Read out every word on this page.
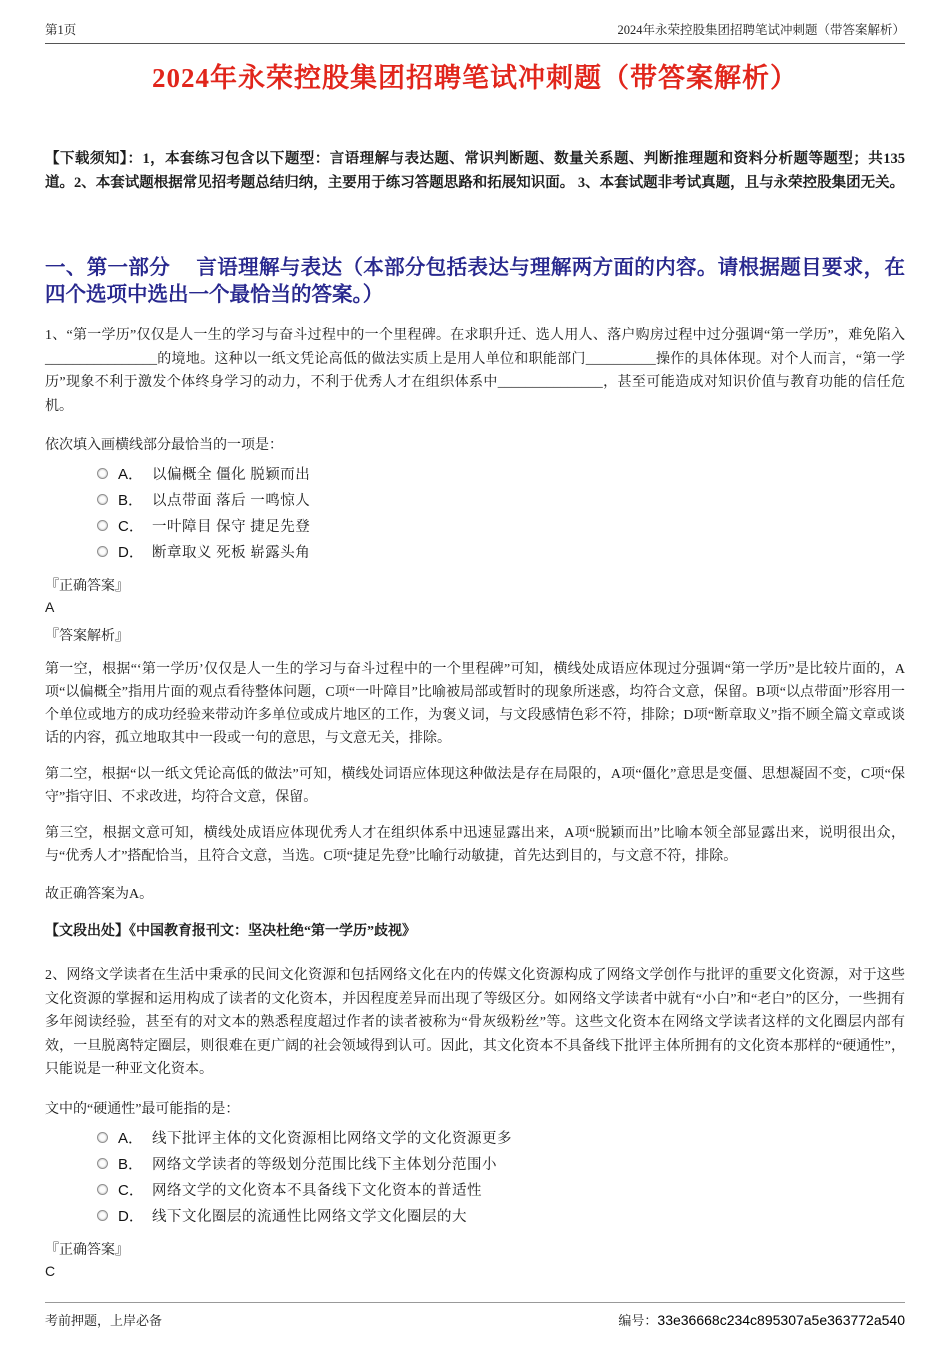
第1页	2024年永荣控股集团招聘笔试冲刺题（带答案解析）
2024年永荣控股集团招聘笔试冲刺题（带答案解析）

【下载须知】：1，本套练习包含以下题型：言语理解与表达题、常识判断题、数量关系题、判断推理题和资料分析题等题型；共135道。2、本套试题根据常见招考题总结归纳，主要用于练习答题思路和拓展知识面。 3、本套试题非考试真题，且与永荣控股集团无关。

一、第一部分　 言语理解与表达（本部分包括表达与理解两方面的内容。请根据题目要求，在四个选项中选出一个最恰当的答案。）

1、“第一学历”仅仅是人一生的学习与奋斗过程中的一个里程碑。在求职升迁、选人用人、落户购房过程中过分强调“第一学历”，难免陷入________________的境地。这种以一纸文凭论高低的做法实质上是用人单位和职能部门__________操作的具体体现。对个人而言，“第一学历”现象不利于激发个体终身学习的动力，不利于优秀人才在组织体系中_______________，甚至可能造成对知识价值与教育功能的信任危机。

依次填入画横线部分最恰当的一项是：

A． 以偏概全 僵化 脱颖而出
B． 以点带面 落后 一鸣惊人
C． 一叶障目 保守 捷足先登
D． 断章取义 死板 崭露头角

『正确答案』

A

『答案解析』

第一空，根据“‘第一学历’仅仅是人一生的学习与奋斗过程中的一个里程碑”可知，横线处成语应体现过分强调“第一学历”是比较片面的，A项“以偏概全”指用片面的观点看待整体问题，C项“一叶障目”比喻被局部或暂时的现象所迷惑，均符合文意，保留。B项“以点带面”形容用一个单位或地方的成功经验来带动许多单位或成片地区的工作，为褒义词，与文段感情色彩不符，排除；D项“断章取义”指不顾全篇文章或谈话的内容，孤立地取其中一段或一句的意思，与文意无关，排除。

第二空，根据“以一纸文凭论高低的做法”可知，横线处词语应体现这种做法是存在局限的，A项“僵化”意思是变僵、思想凝固不变，C项“保守”指守旧、不求改进，均符合文意，保留。

第三空，根据文意可知，横线处成语应体现优秀人才在组织体系中迅速显露出来，A项“脱颖而出”比喻本领全部显露出来，说明很出众，与“优秀人才”搭配恰当，且符合文意，当选。C项“捷足先登”比喻行动敏捷，首先达到目的，与文意不符，排除。

故正确答案为A。

【文段出处】《中国教育报刊文：坚决杜绝“第一学历”歧视》

2、网络文学读者在生活中秉承的民间文化资源和包括网络文化在内的传媒文化资源构成了网络文学创作与批评的重要文化资源，对于这些文化资源的掌握和运用构成了读者的文化资本，并因程度差异而出现了等级区分。如网络文学读者中就有“小白”和“老白”的区分，一些拥有多年阅读经验，甚至有的对文本的熟悉程度超过作者的读者被称为“骨灰级粉丝”等。这些文化资本在网络文学读者这样的文化圈层内部有效，一旦脱离特定圈层，则很难在更广阔的社会领域得到认可。因此，其文化资本不具备线下批评主体所拥有的文化资本那样的“硬通性”，只能说是一种亚文化资本。

文中的“硬通性”最可能指的是：

A． 线下批评主体的文化资源相比网络文学的文化资源更多
B． 网络文学读者的等级划分范围比线下主体划分范围小
C． 网络文学的文化资本不具备线下文化资本的普适性
D． 线下文化圈层的流通性比网络文学文化圈层的大

『正确答案』

C

考前押题，上岸必备	编号： 33e36668c234c895307a5e363772a540
